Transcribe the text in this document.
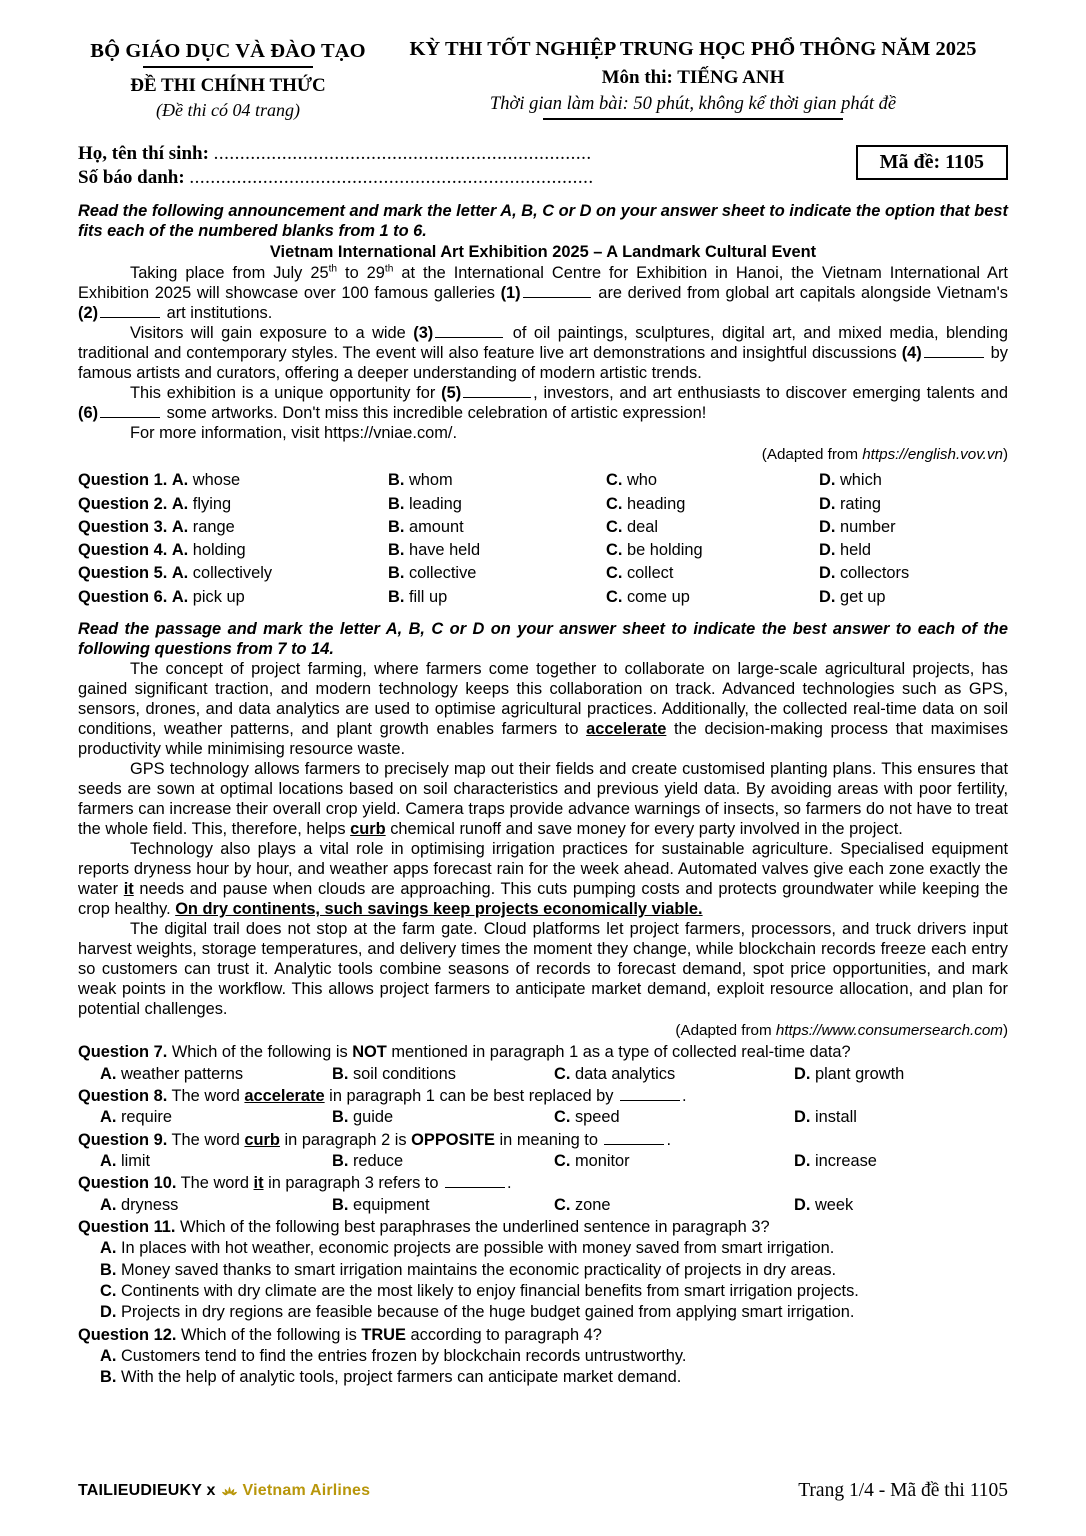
BỘ GIÁO DỤC VÀ ĐÀO TẠO
ĐỀ THI CHÍNH THỨC
(Đề thi có 04 trang)
KỲ THI TỐT NGHIỆP TRUNG HỌC PHỔ THÔNG NĂM 2025
Môn thi: TIẾNG ANH
Thời gian làm bài: 50 phút, không kể thời gian phát đề
Họ, tên thí sinh: ........................................................................
Số báo danh: .............................................................................
Mã đề: 1105
Read the following announcement and mark the letter A, B, C or D on your answer sheet to indicate the option that best fits each of the numbered blanks from 1 to 6.
Vietnam International Art Exhibition 2025 – A Landmark Cultural Event

Taking place from July 25th to 29th at the International Centre for Exhibition in Hanoi, the Vietnam International Art Exhibition 2025 will showcase over 100 famous galleries (1)	are derived from global art capitals alongside Vietnam's (2)	art institutions.

Visitors will gain exposure to a wide (3)	of oil paintings, sculptures, digital art, and mixed media, blending traditional and contemporary styles. The event will also feature live art demonstrations and insightful discussions (4)	by famous artists and curators, offering a deeper understanding of modern artistic trends.

This exhibition is a unique opportunity for (5)	, investors, and art enthusiasts to discover emerging talents and (6)	some artworks. Don't miss this incredible celebration of artistic expression!

For more information, visit https://vniae.com/.

(Adapted from https://english.vov.vn)
Question 1. A. whose	B. whom	C. who	D. which
Question 2. A. flying	B. leading	C. heading	D. rating
Question 3. A. range	B. amount	C. deal	D. number
Question 4. A. holding	B. have held	C. be holding	D. held
Question 5. A. collectively	B. collective	C. collect	D. collectors
Question 6. A. pick up	B. fill up	C. come up	D. get up
Read the passage and mark the letter A, B, C or D on your answer sheet to indicate the best answer to each of the following questions from 7 to 14.

The concept of project farming, where farmers come together to collaborate on large-scale agricultural projects, has gained significant traction, and modern technology keeps this collaboration on track. Advanced technologies such as GPS, sensors, drones, and data analytics are used to optimise agricultural practices. Additionally, the collected real-time data on soil conditions, weather patterns, and plant growth enables farmers to accelerate the decision-making process that maximises productivity while minimising resource waste.

GPS technology allows farmers to precisely map out their fields and create customised planting plans. This ensures that seeds are sown at optimal locations based on soil characteristics and previous yield data. By avoiding areas with poor fertility, farmers can increase their overall crop yield. Camera traps provide advance warnings of insects, so farmers do not have to treat the whole field. This, therefore, helps curb chemical runoff and save money for every party involved in the project.

Technology also plays a vital role in optimising irrigation practices for sustainable agriculture. Specialised equipment reports dryness hour by hour, and weather apps forecast rain for the week ahead. Automated valves give each zone exactly the water it needs and pause when clouds are approaching. This cuts pumping costs and protects groundwater while keeping the crop healthy. On dry continents, such savings keep projects economically viable.

The digital trail does not stop at the farm gate. Cloud platforms let project farmers, processors, and truck drivers input harvest weights, storage temperatures, and delivery times the moment they change, while blockchain records freeze each entry so customers can trust it. Analytic tools combine seasons of records to forecast demand, spot price opportunities, and mark weak points in the workflow. This allows project farmers to anticipate market demand, exploit resource allocation, and plan for potential challenges.

(Adapted from https://www.consumersearch.com)
Question 7. Which of the following is NOT mentioned in paragraph 1 as a type of collected real-time data?
A. weather patterns	B. soil conditions	C. data analytics	D. plant growth
Question 8. The word accelerate in paragraph 1 can be best replaced by	.
A. require	B. guide	C. speed	D. install
Question 9. The word curb in paragraph 2 is OPPOSITE in meaning to	.
A. limit	B. reduce	C. monitor	D. increase
Question 10. The word it in paragraph 3 refers to	.
A. dryness	B. equipment	C. zone	D. week
Question 11. Which of the following best paraphrases the underlined sentence in paragraph 3?
A. In places with hot weather, economic projects are possible with money saved from smart irrigation.
B. Money saved thanks to smart irrigation maintains the economic practicality of projects in dry areas.
C. Continents with dry climate are the most likely to enjoy financial benefits from smart irrigation projects.
D. Projects in dry regions are feasible because of the huge budget gained from applying smart irrigation.
Question 12. Which of the following is TRUE according to paragraph 4?
A. Customers tend to find the entries frozen by blockchain records untrustworthy.
B. With the help of analytic tools, project farmers can anticipate market demand.
TAILIEUDIEUKY x Vietnam Airlines	Trang 1/4 - Mã đề thi 1105
